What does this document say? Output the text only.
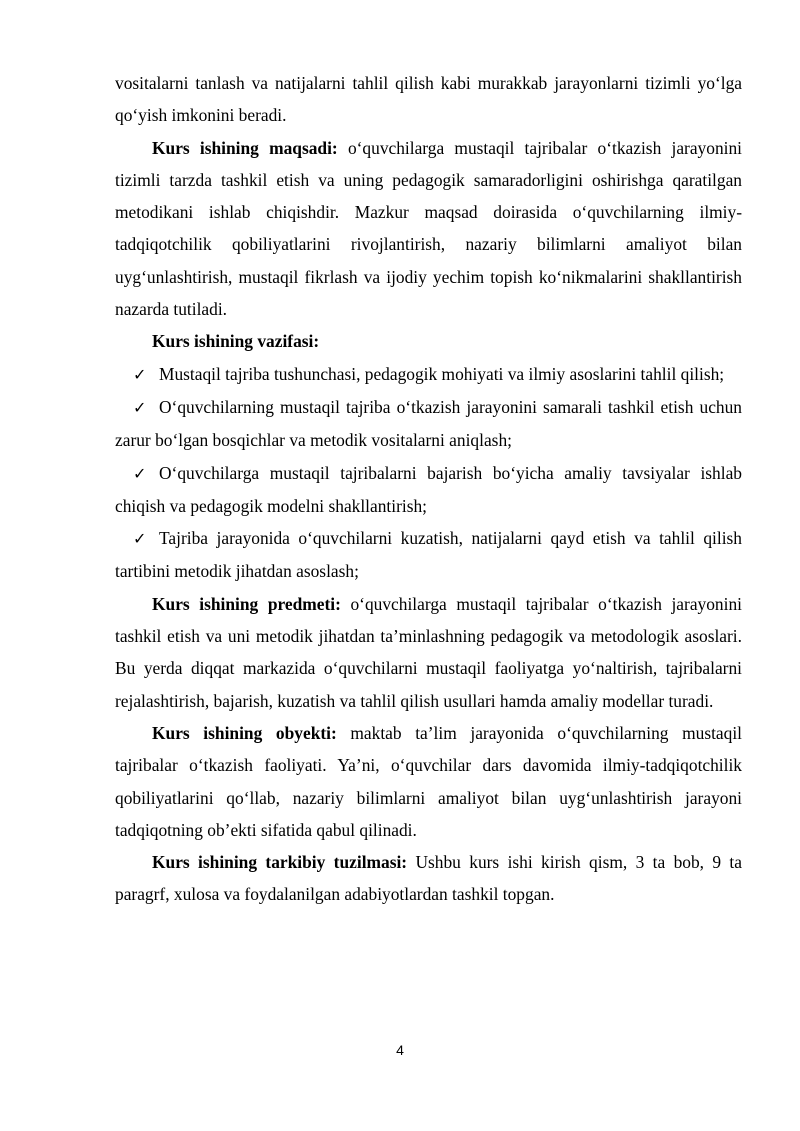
vositalarni tanlash va natijalarni tahlil qilish kabi murakkab jarayonlarni tizimli yo‘lga qo‘yish imkonini beradi.

Kurs ishining maqsadi: o‘quvchilarga mustaqil tajribalar o‘tkazish jarayonini tizimli tarzda tashkil etish va uning pedagogik samaradorligini oshirishga qaratilgan metodikani ishlab chiqishdir. Mazkur maqsad doirasida o‘quvchilarning ilmiy-tadqiqotchilik qobiliyatlarini rivojlantirish, nazariy bilimlarni amaliyot bilan uyg‘unlashtirish, mustaqil fikrlash va ijodiy yechim topish ko‘nikmalarini shakllantirish nazarda tutiladi.

Kurs ishining vazifasi:

✓ Mustaqil tajriba tushunchasi, pedagogik mohiyati va ilmiy asoslarini tahlil qilish;

✓ O‘quvchilarning mustaqil tajriba o‘tkazish jarayonini samarali tashkil etish uchun zarur bo‘lgan bosqichlar va metodik vositalarni aniqlash;

✓ O‘quvchilarga mustaqil tajribalarni bajarish bo‘yicha amaliy tavsiyalar ishlab chiqish va pedagogik modelni shakllantirish;

✓ Tajriba jarayonida o‘quvchilarni kuzatish, natijalarni qayd etish va tahlil qilish tartibini metodik jihatdan asoslash;

Kurs ishining predmeti: o‘quvchilarga mustaqil tajribalar o‘tkazish jarayonini tashkil etish va uni metodik jihatdan ta’minlashning pedagogik va metodologik asoslari. Bu yerda diqqat markazida o‘quvchilarni mustaqil faoliyatga yo‘naltirish, tajribalarni rejalashtirish, bajarish, kuzatish va tahlil qilish usullari hamda amaliy modellar turadi.

Kurs ishining obyekti: maktab ta’lim jarayonida o‘quvchilarning mustaqil tajribalar o‘tkazish faoliyati. Ya’ni, o‘quvchilar dars davomida ilmiy-tadqiqotchilik qobiliyatlarini qo‘llab, nazariy bilimlarni amaliyot bilan uyg‘unlashtirish jarayoni tadqiqotning ob’ekti sifatida qabul qilinadi.

Kurs ishining tarkibiy tuzilmasi: Ushbu kurs ishi kirish qism, 3 ta bob, 9 ta paragrf, xulosa va foydalanilgan adabiyotlardan tashkil topgan.

4
